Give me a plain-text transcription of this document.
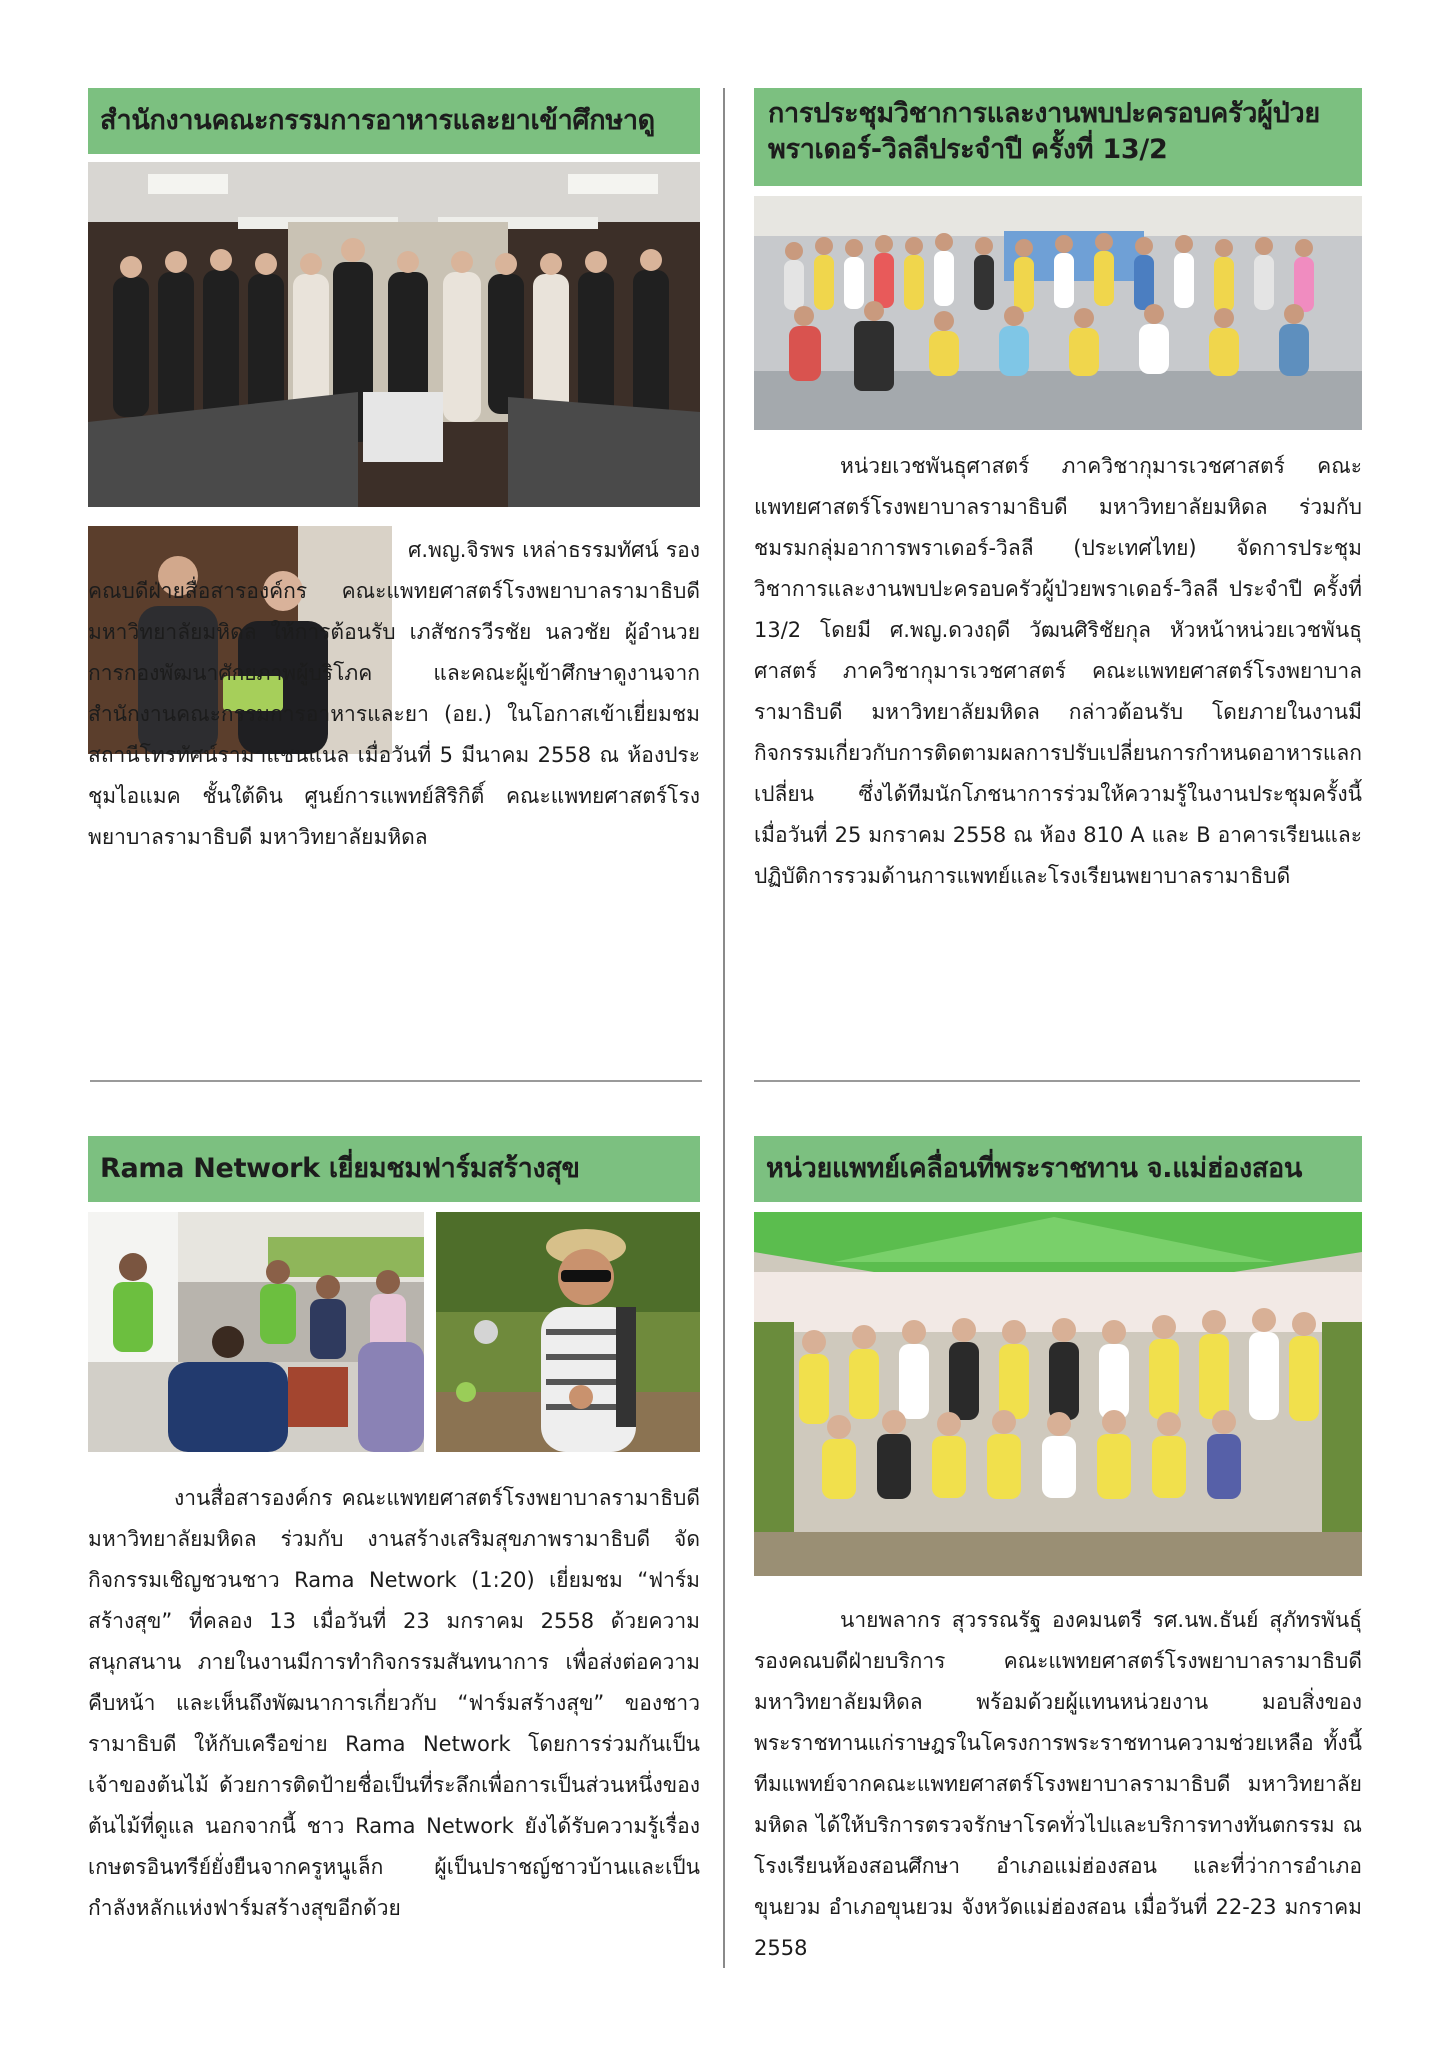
สำนักงานคณะกรรมการอาหารและยาเข้าศึกษาดู
ศ.พญ.จิรพร เหล่าธรรมทัศน์ รองคณบดีฝ่ายสื่อสารองค์กร คณะแพทยศาสตร์โรงพยาบาลรามาธิบดี มหาวิทยาลัยมหิดล ให้การต้อนรับ เภสัชกรวีรชัย นลวชัย ผู้อำนวยการกองพัฒนาศักยภาพผู้บริโภค และคณะผู้เข้าศึกษาดูงานจากสำนักงานคณะกรรมการอาหารและยา (อย.) ในโอกาสเข้าเยี่ยมชมสถานีโทรทัศน์รามาแชนแนล เมื่อวันที่ 5 มีนาคม 2558 ณ ห้องประชุมไอแมค ชั้นใต้ดิน ศูนย์การแพทย์สิริกิติ์ คณะแพทยศาสตร์โรงพยาบาลรามาธิบดี มหาวิทยาลัยมหิดล
การประชุมวิชาการและงานพบปะครอบครัวผู้ป่วยพราเดอร์-วิลลีประจำปี ครั้งที่ 13/2
หน่วยเวชพันธุศาสตร์ ภาควิชากุมารเวชศาสตร์ คณะแพทยศาสตร์โรงพยาบาลรามาธิบดี มหาวิทยาลัยมหิดล ร่วมกับชมรมกลุ่มอาการพราเดอร์-วิลลี (ประเทศไทย) จัดการประชุมวิชาการและงานพบปะครอบครัวผู้ป่วยพราเดอร์-วิลลี ประจำปี ครั้งที่ 13/2 โดยมี ศ.พญ.ดวงฤดี วัฒนศิริชัยกุล หัวหน้าหน่วยเวชพันธุศาสตร์ ภาควิชากุมารเวชศาสตร์ คณะแพทยศาสตร์โรงพยาบาลรามาธิบดี มหาวิทยาลัยมหิดล กล่าวต้อนรับ โดยภายในงานมีกิจกรรมเกี่ยวกับการติดตามผลการปรับเปลี่ยนการกำหนดอาหารแลกเปลี่ยน ซึ่งได้ทีมนักโภชนาการร่วมให้ความรู้ในงานประชุมครั้งนี้ เมื่อวันที่ 25 มกราคม 2558 ณ ห้อง 810 A และ B อาคารเรียนและปฏิบัติการรวมด้านการแพทย์และโรงเรียนพยาบาลรามาธิบดี
Rama Network เยี่ยมชมฟาร์มสร้างสุข
งานสื่อสารองค์กร คณะแพทยศาสตร์โรงพยาบาลรามาธิบดี มหาวิทยาลัยมหิดล ร่วมกับ งานสร้างเสริมสุขภาพรามาธิบดี จัดกิจกรรมเชิญชวนชาว Rama Network (1:20) เยี่ยมชม “ฟาร์มสร้างสุข” ที่คลอง 13 เมื่อวันที่ 23 มกราคม 2558 ด้วยความสนุกสนาน ภายในงานมีการทำกิจกรรมสันทนาการ เพื่อส่งต่อความคืบหน้า และเห็นถึงพัฒนาการเกี่ยวกับ “ฟาร์มสร้างสุข” ของชาวรามาธิบดี ให้กับเครือข่าย Rama Network โดยการร่วมกันเป็นเจ้าของต้นไม้ ด้วยการติดป้ายชื่อเป็นที่ระลึกเพื่อการเป็นส่วนหนึ่งของต้นไม้ที่ดูแล นอกจากนี้ ชาว Rama Network ยังได้รับความรู้เรื่องเกษตรอินทรีย์ยั่งยืนจากครูหนูเล็ก ผู้เป็นปราชญ์ชาวบ้านและเป็นกำลังหลักแห่งฟาร์มสร้างสุขอีกด้วย
หน่วยแพทย์เคลื่อนที่พระราชทาน จ.แม่ฮ่องสอน
นายพลากร สุวรรณรัฐ องคมนตรี รศ.นพ.ธันย์ สุภัทรพันธุ์ รองคณบดีฝ่ายบริการ คณะแพทยศาสตร์โรงพยาบาลรามาธิบดี มหาวิทยาลัยมหิดล พร้อมด้วยผู้แทนหน่วยงาน มอบสิ่งของพระราชทานแก่ราษฎรในโครงการพระราชทานความช่วยเหลือ ทั้งนี้ทีมแพทย์จากคณะแพทยศาสตร์โรงพยาบาลรามาธิบดี มหาวิทยาลัยมหิดล ได้ให้บริการตรวจรักษาโรคทั่วไปและบริการทางทันตกรรม ณ โรงเรียนห้องสอนศึกษา อำเภอแม่ฮ่องสอน และที่ว่าการอำเภอขุนยวม อำเภอขุนยวม จังหวัดแม่ฮ่องสอน เมื่อวันที่ 22-23 มกราคม 2558
